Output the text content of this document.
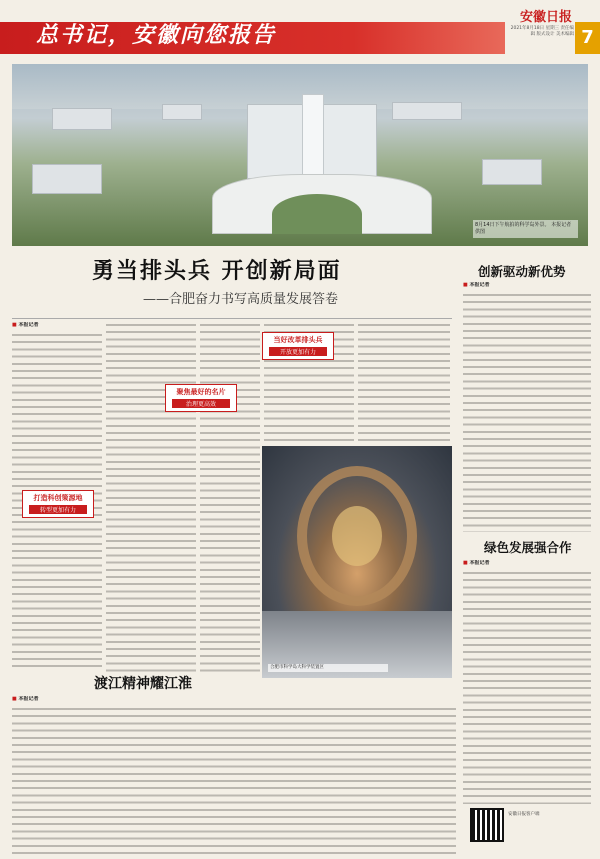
总书记，安徽向您报告
安徽日报
2021年8月18日 星期三 责任编辑 版式设计 美术编辑 7
8月14日下午航拍的科学岛外景。 本报记者 供图
勇当排头兵 开创新局面
——合肥奋力书写高质量发展答卷
■ 本报记者
打造科创策源地
转型更加有力
聚焦最好的名片
治理更高效
当好改革排头兵
开放更加有力
合肥市科学岛大科学装置区
渡江精神耀江淮
■ 本报记者
创新驱动新优势
■ 本报记者
绿色发展强合作
■ 本报记者
安徽日报客户端
